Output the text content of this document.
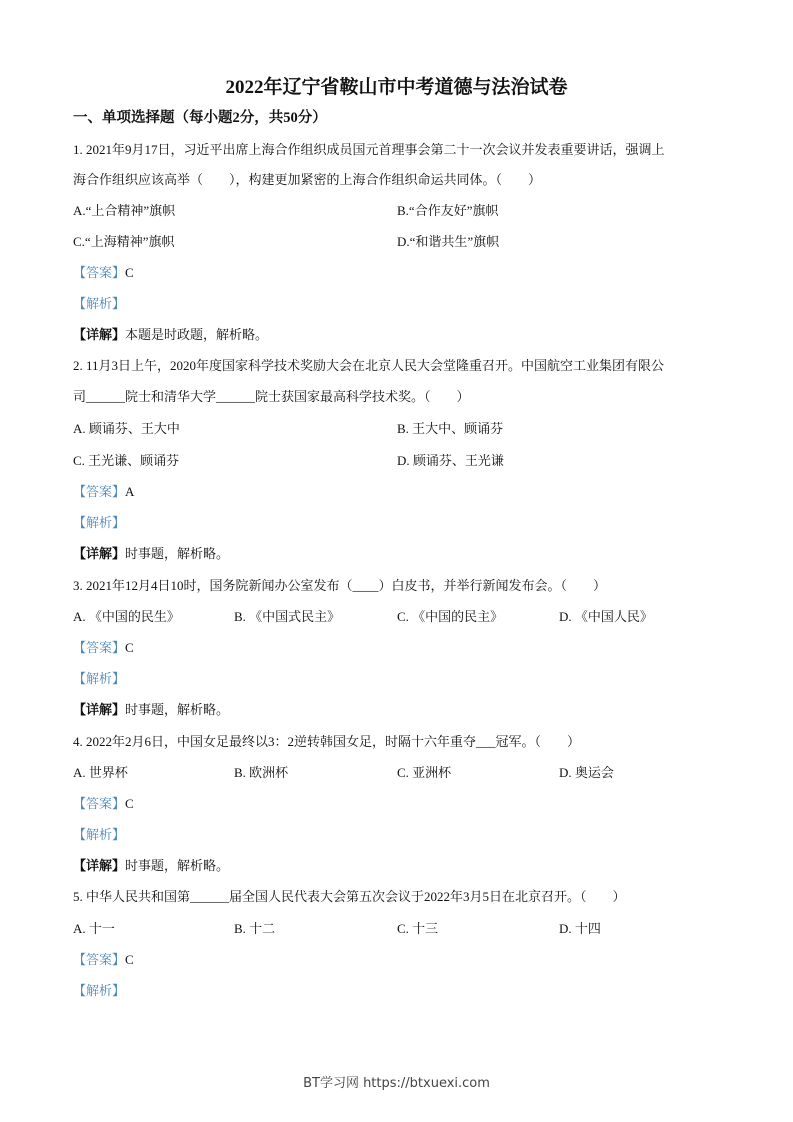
2022年辽宁省鞍山市中考道德与法治试卷
一、单项选择题（每小题2分，共50分）
1. 2021年9月17日，习近平出席上海合作组织成员国元首理事会第二十一次会议并发表重要讲话，强调上
海合作组织应该高举（　　），构建更加紧密的上海合作组织命运共同体。（　　）
A.“上合精神”旗帜	B.“合作友好”旗帜
C.“上海精神”旗帜	D.“和谐共生”旗帜
【答案】C
【解析】
【详解】本题是时政题，解析略。
2. 11月3日上午，2020年度国家科学技术奖励大会在北京人民大会堂隆重召开。中国航空工业集团有限公
司______院士和清华大学______院士获国家最高科学技术奖。（　　）
A. 顾诵芬、王大中	B. 王大中、顾诵芬
C. 王光谦、顾诵芬	D. 顾诵芬、王光谦
【答案】A
【解析】
【详解】时事题，解析略。
3. 2021年12月4日10时，国务院新闻办公室发布（____）白皮书，并举行新闻发布会。（　　）
A. 《中国的民生》	B. 《中国式民主》	C. 《中国的民主》	D. 《中国人民》
【答案】C
【解析】
【详解】时事题，解析略。
4. 2022年2月6日，中国女足最终以3：2逆转韩国女足，时隔十六年重夺___冠军。（　　）
A. 世界杯	B. 欧洲杯	C. 亚洲杯	D. 奥运会
【答案】C
【解析】
【详解】时事题，解析略。
5. 中华人民共和国第______届全国人民代表大会第五次会议于2022年3月5日在北京召开。（　　）
A. 十一	B. 十二	C. 十三	D. 十四
【答案】C
【解析】
BT学习网 https://btxuexi.com
